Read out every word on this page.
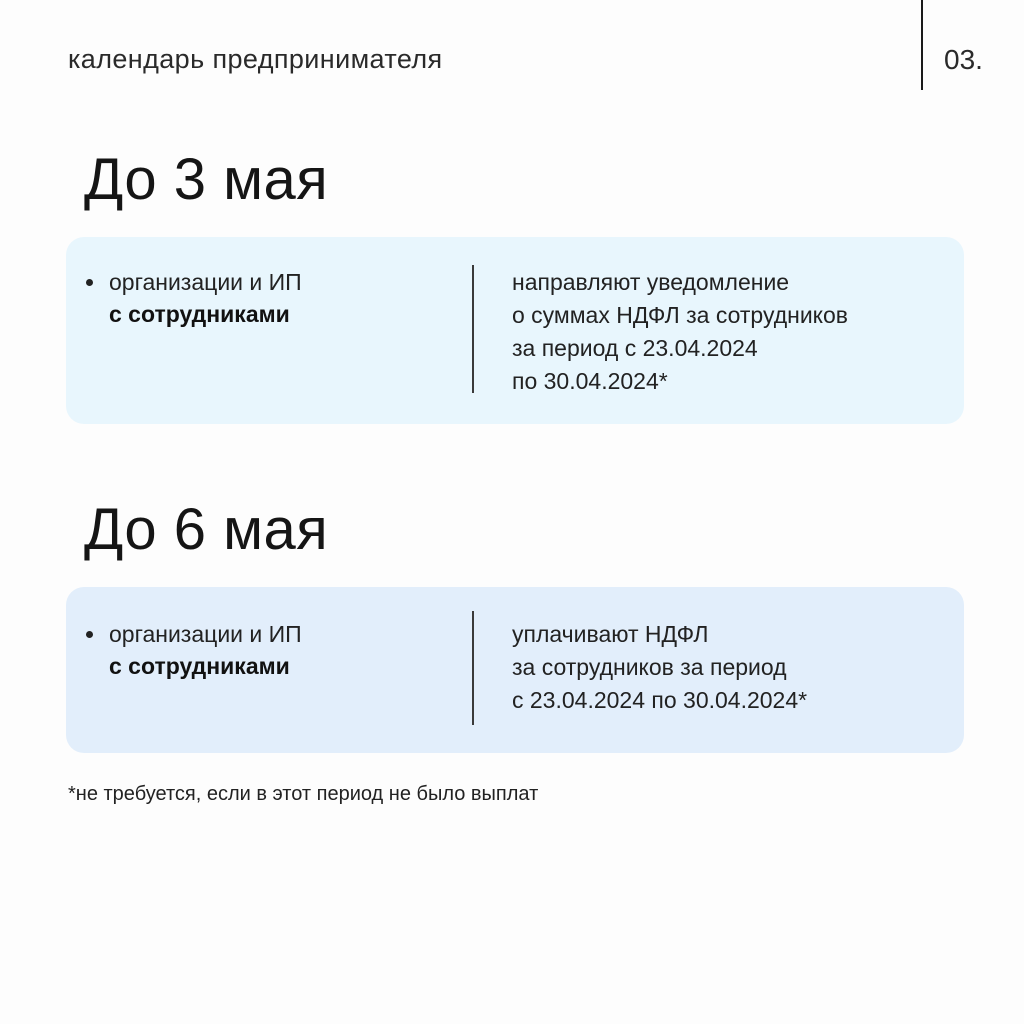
календарь предпринимателя	03.
До 3 мая
организации и ИП
с сотрудниками
направляют уведомление
о суммах НДФЛ за сотрудников
за период с 23.04.2024
по 30.04.2024*
До 6 мая
организации и ИП
с сотрудниками
уплачивают НДФЛ
за сотрудников за период
с 23.04.2024 по 30.04.2024*
*не требуется, если в этот период не было выплат
